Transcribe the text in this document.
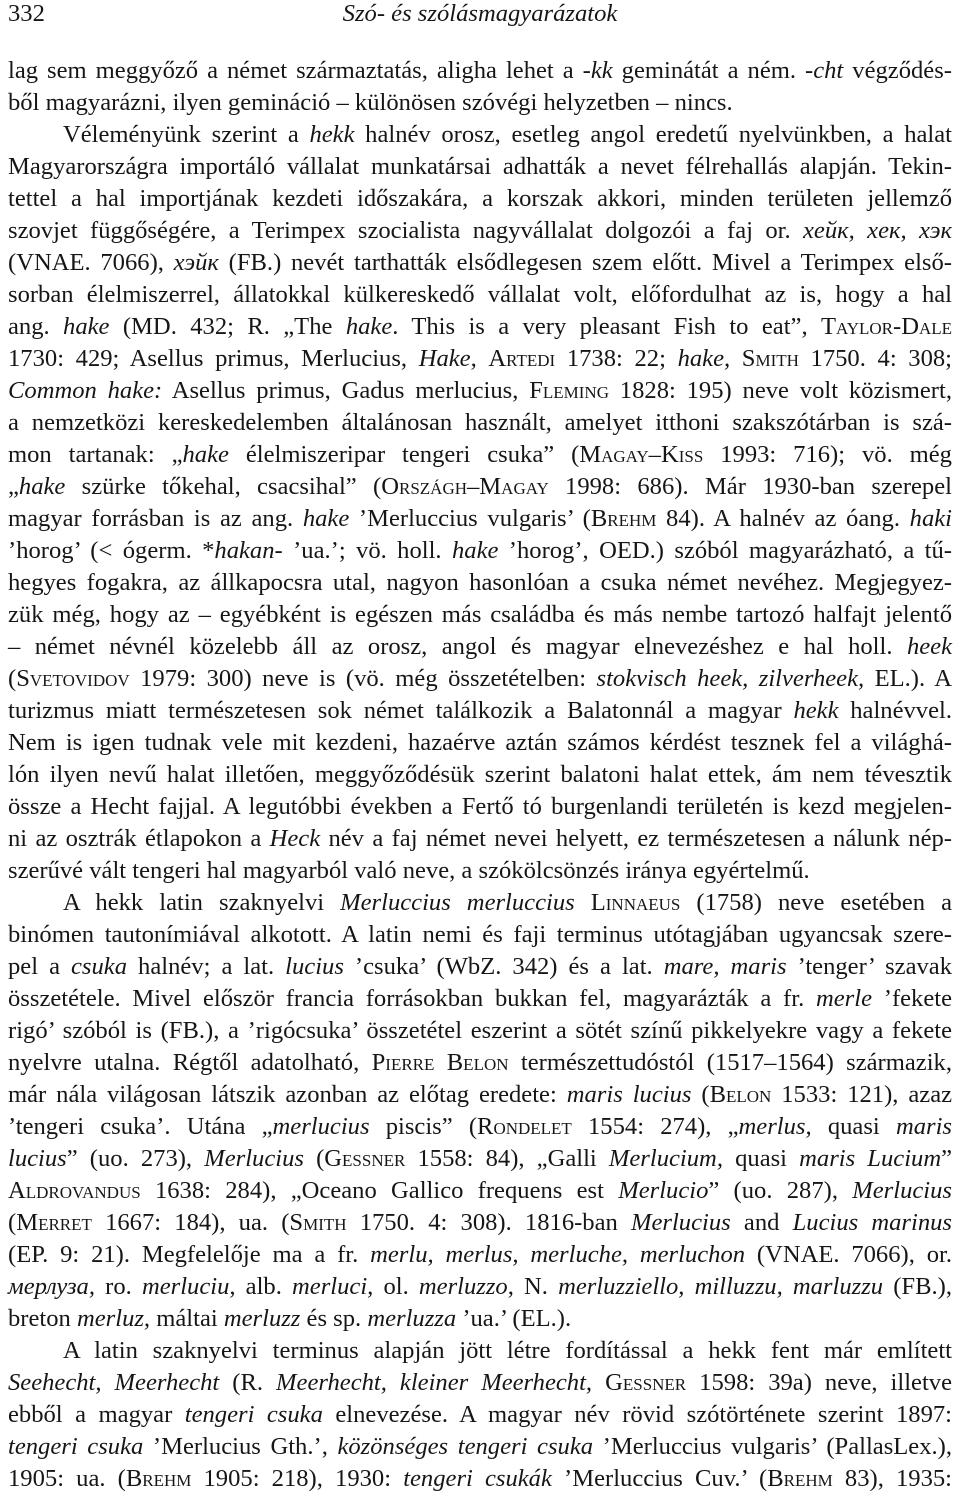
332	Szó- és szólásmagyarázatok
lag sem meggyőző a német származtatás, aligha lehet a -kk geminátát a ném. -cht végződés-
ből magyarázni, ilyen gemináció – különösen szóvégi helyzetben – nincs.
Véleményünk szerint a hekk halnév orosz, esetleg angol eredetű nyelvünkben, a halat
Magyarországra importáló vállalat munkatársai adhatták a nevet félrehallás alapján. Tekin-
tettel a hal importjának kezdeti időszakára, a korszak akkori, minden területen jellemző
szovjet függőségére, a Terimpex szocialista nagyvállalat dolgozói a faj or. хейк, хек, хэк
(VNAE. 7066), хэйк (FB.) nevét tarthatták elsődlegesen szem előtt. Mivel a Terimpex első-
sorban élelmiszerrel, állatokkal külkereskedő vállalat volt, előfordulhat az is, hogy a hal
ang. hake (MD. 432; R. „The hake. This is a very pleasant Fish to eat”, Taylor-Dale
1730: 429; Asellus primus, Merlucius, Hake, Artedi 1738: 22; hake, Smith 1750. 4: 308;
Common hake: Asellus primus, Gadus merlucius, Fleming 1828: 195) neve volt közismert,
a nemzetközi kereskedelemben általánosan használt, amelyet itthoni szakszótárban is szá-
mon tartanak: „hake élelmiszeripar tengeri csuka” (Magay–Kiss 1993: 716); vö. még
„hake szürke tőkehal, csacsihal” (Országh–Magay 1998: 686). Már 1930-ban szerepel
magyar forrásban is az ang. hake ’Merluccius vulgaris’ (Brehm 84). A halnév az óang. haki
’horog’ (< ógerm. *hakan- ’ua.’; vö. holl. hake ’horog’, OED.) szóból magyarázható, a tű-
hegyes fogakra, az állkapocsra utal, nagyon hasonlóan a csuka német nevéhez. Megjegyez-
zük még, hogy az – egyébként is egészen más családba és más nembe tartozó halfajt jelentő
– német névnél közelebb áll az orosz, angol és magyar elnevezéshez e hal holl. heek
(Svetovidov 1979: 300) neve is (vö. még összetételben: stokvisch heek, zilverheek, EL.). A
turizmus miatt természetesen sok német találkozik a Balatonnál a magyar hekk halnévvel.
Nem is igen tudnak vele mit kezdeni, hazaérve aztán számos kérdést tesznek fel a világhá-
lón ilyen nevű halat illetően, meggyőződésük szerint balatoni halat ettek, ám nem tévesztik
össze a Hecht fajjal. A legutóbbi években a Fertő tó burgenlandi területén is kezd megjelen-
ni az osztrák étlapokon a Heck név a faj német nevei helyett, ez természetesen a nálunk nép-
szerűvé vált tengeri hal magyarból való neve, a szókölcsönzés iránya egyértelmű.
A hekk latin szaknyelvi Merluccius merluccius Linnaeus (1758) neve esetében a
binómen tautonímiával alkotott. A latin nemi és faji terminus utótagjában ugyancsak szere-
pel a csuka halnév; a lat. lucius ’csuka’ (WbZ. 342) és a lat. mare, maris ’tenger’ szavak
összetétele. Mivel először francia forrásokban bukkan fel, magyarázták a fr. merle ’fekete
rigó’ szóból is (FB.), a ’rigócsuka’ összetétel eszerint a sötét színű pikkelyekre vagy a fekete
nyelvre utalna. Régtől adatolható, Pierre Belon természettudóstól (1517–1564) származik,
már nála világosan látszik azonban az előtag eredete: maris lucius (Belon 1533: 121), azaz
’tengeri csuka’. Utána „merlucius piscis” (Rondelet 1554: 274), „merlus, quasi maris
lucius” (uo. 273), Merlucius (Gessner 1558: 84), „Galli Merlucium, quasi maris Lucium”
Aldrovandus 1638: 284), „Oceano Gallico frequens est Merlucio” (uo. 287), Merlucius
(Merret 1667: 184), ua. (Smith 1750. 4: 308). 1816-ban Merlucius and Lucius marinus
(EP. 9: 21). Megfelelője ma a fr. merlu, merlus, merluche, merluchon (VNAE. 7066), or.
мерлуза, ro. merluciu, alb. merluci, ol. merluzzo, N. merluzziello, milluzzu, marluzzu (FB.),
breton merluz, máltai merluzz és sp. merluzza ’ua.’ (EL.).
A latin szaknyelvi terminus alapján jött létre fordítással a hekk fent már említett
Seehecht, Meerhecht (R. Meerhecht, kleiner Meerhecht, Gessner 1598: 39a) neve, illetve
ebből a magyar tengeri csuka elnevezése. A magyar név rövid szótörténete szerint 1897:
tengeri csuka ’Merlucius Gth.’, közönséges tengeri csuka ’Merluccius vulgaris’ (PallasLex.),
1905: ua. (Brehm 1905: 218), 1930: tengeri csukák ’Merluccius Cuv.’ (Brehm 83), 1935:
